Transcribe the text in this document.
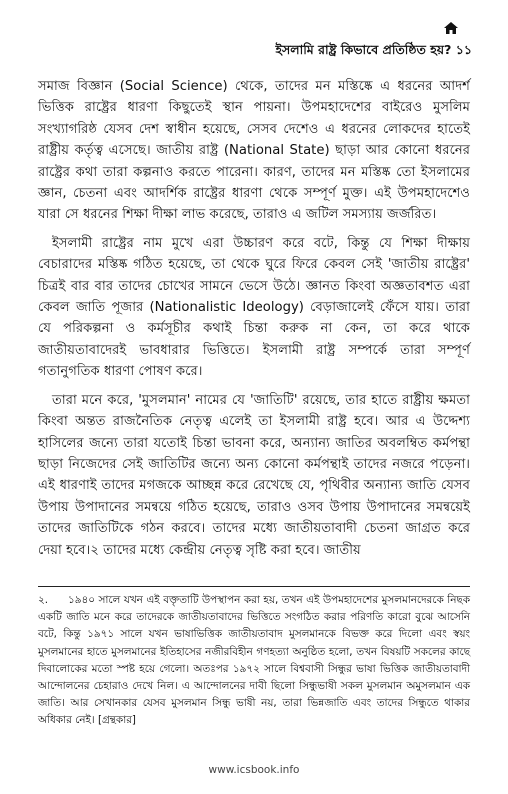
ইসলামি রাষ্ট্র কিভাবে প্রতিষ্ঠিত হয়? ১১

সমাজ বিজ্ঞান (Social Science) থেকে, তাদের মন মস্তিষ্কে এ ধরনের আদর্শ ভিত্তিক রাষ্ট্রের ধারণা কিছুতেই স্থান পায়না। উপমহাদেশের বাইরেও মুসলিম সংখ্যাগরিষ্ঠ যেসব দেশ স্বাধীন হয়েছে, সেসব দেশেও এ ধরনের লোকদের হাতেই রাষ্ট্রীয় কর্তৃত্ব এসেছে। জাতীয় রাষ্ট্র (National State) ছাড়া আর কোনো ধরনের রাষ্ট্রের কথা তারা কল্পনাও করতে পারেনা। কারণ, তাদের মন মস্তিষ্ক তো ইসলামের জ্ঞান, চেতনা এবং আদর্শিক রাষ্ট্রের ধারণা থেকে সম্পূর্ণ মুক্ত। এই উপমহাদেশেও যারা সে ধরনের শিক্ষা দীক্ষা লাভ করেছে, তারাও এ জটিল সমস্যায় জর্জরিত।

ইসলামী রাষ্ট্রের নাম মুখে এরা উচ্চারণ করে বটে, কিন্তু যে শিক্ষা দীক্ষায় বেচারাদের মস্তিষ্ক গঠিত হয়েছে, তা থেকে ঘুরে ফিরে কেবল সেই 'জাতীয় রাষ্ট্রের' চিত্রই বার বার তাদের চোখের সামনে ভেসে উঠে। জ্ঞানত কিংবা অজ্ঞতাবশত এরা কেবল জাতি পূজার (Nationalistic Ideology) বেড়াজালেই ফেঁসে যায়। তারা যে পরিকল্পনা ও কর্মসূচীর কথাই চিন্তা করুক না কেন, তা করে থাকে জাতীয়তাবাদেরই ভাবধারার ভিত্তিতে। ইসলামী রাষ্ট্র সম্পর্কে তারা সম্পূর্ণ গতানুগতিক ধারণা পোষণ করে।

তারা মনে করে, 'মুসলমান' নামের যে 'জাতিটি' রয়েছে, তার হাতে রাষ্ট্রীয় ক্ষমতা কিংবা অন্তত রাজনৈতিক নেতৃত্ব এলেই তা ইসলামী রাষ্ট্র হবে। আর এ উদ্দেশ্য হাসিলের জন্যে তারা যতোই চিন্তা ভাবনা করে, অন্যান্য জাতির অবলম্বিত কর্মপন্থা ছাড়া নিজেদের সেই জাতিটির জন্যে অন্য কোনো কর্মপন্থাই তাদের নজরে পড়েনা। এই ধারণাই তাদের মগজকে আচ্ছন্ন করে রেখেছে যে, পৃথিবীর অন্যান্য জাতি যেসব উপায় উপাদানের সমন্বয়ে গঠিত হয়েছে, তারাও ওসব উপায় উপাদানের সমন্বয়েই তাদের জাতিটিকে গঠন করবে। তাদের মধ্যে জাতীয়তাবাদী চেতনা জাগ্রত করে দেয়া হবে।২ তাদের মধ্যে কেন্দ্রীয় নেতৃত্ব সৃষ্টি করা হবে। জাতীয়

২. ১৯৪০ সালে যখন এই বক্তৃতাটি উপস্থাপন করা হয়, তখন এই উপমহাদেশের মুসলমানদেরকে নিছক একটি জাতি মনে করে তাদেরকে জাতীয়তাবাদের ভিত্তিতে সংগঠিত করার পরিণতি কারো বুঝে আসেনি বটে, কিন্তু ১৯৭১ সালে যখন ভাষাভিত্তিক জাতীয়তাবাদ মুসলমানকে বিভক্ত করে দিলো এবং স্বয়ং মুসলমানের হাতে মুসলমানের ইতিহাসের নজীরবিহীন গণহত্যা অনুষ্ঠিত হলো, তখন বিষয়টি সকলের কাছে দিবালোকের মতো স্পষ্ট হয়ে গেলো। অতঃপর ১৯৭২ সালে বিশ্ববাসী সিন্ধুর ভাষা ভিত্তিক জাতীয়তাবাদী আন্দোলনের চেহারাও দেখে নিল। এ আন্দোলনের দাবী ছিলো সিন্ধুভাষী সকল মুসলমান অমুসলমান এক জাতি। আর সেখানকার যেসব মুসলমান সিন্ধু ভাষী নয়, তারা ভিন্নজাতি এবং তাদের সিন্ধুতে থাকার অধিকার নেই। [গ্রন্থকার]
www.icsbook.info
